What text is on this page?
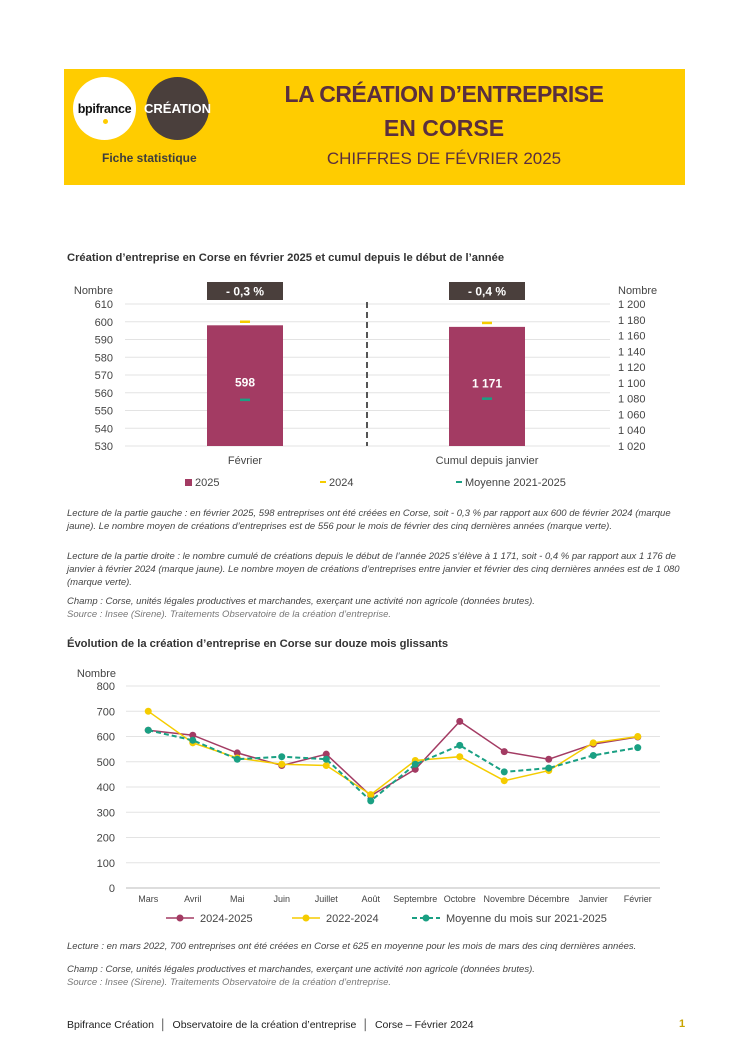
bpifrance CRÉATION
Fiche statistique
LA CRÉATION D’ENTREPRISE
EN CORSE
CHIFFRES DE FÉVRIER 2025
Création d’entreprise en Corse en février 2025 et cumul depuis le début de l’année
530
540
550
560
570
580
590
600
610
1 020
1 040
1 060
1 080
1 100
1 120
1 140
1 160
1 180
1 200
Nombre	Nombre
598
- 0,3 %
Février
1 171
- 0,4 %
Cumul depuis janvier
2025	2024	Moyenne 2021-2025

Lecture de la partie gauche : en février 2025, 598 entreprises ont été créées en Corse, soit - 0,3 % par rapport aux 600 de février 2024 (marque jaune). Le nombre moyen de créations d’entreprises est de 556 pour le mois de février des cinq dernières années (marque verte).

Lecture de la partie droite : le nombre cumulé de créations depuis le début de l’année 2025 s’élève à 1 171, soit - 0,4 % par rapport aux 1 176 de janvier à février 2024 (marque jaune). Le nombre moyen de créations d’entreprises entre janvier et février des cinq dernières années est de 1 080 (marque verte).

Champ : Corse, unités légales productives et marchandes, exerçant une activité non agricole (données brutes).

Source : Insee (Sirene). Traitements Observatoire de la création d’entreprise.

Évolution de la création d’entreprise en Corse sur douze mois glissants
0
100
200
300
400
500
600
700
800
Nombre
Mars	Avril	Mai	Juin	Juillet	Août Septembre Octobre Novembre Décembre Janvier Février
2024-2025	2022-2024	Moyenne du mois sur 2021-2025

Lecture : en mars 2022, 700 entreprises ont été créées en Corse et 625 en moyenne pour les mois de mars des cinq dernières années.

Champ : Corse, unités légales productives et marchandes, exerçant une activité non agricole (données brutes).

Source : Insee (Sirene). Traitements Observatoire de la création d’entreprise.

Bpifrance Création │ Observatoire de la création d’entreprise │ Corse – Février 2024	1
